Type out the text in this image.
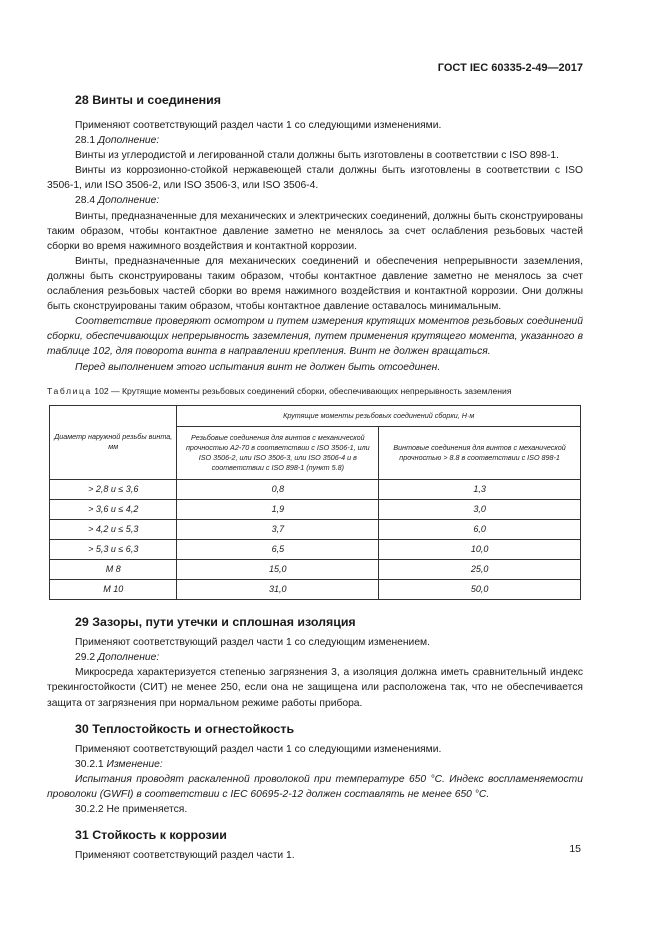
ГОСТ IEC 60335-2-49—2017
28 Винты и соединения

Применяют соответствующий раздел части 1 со следующими изменениями.

28.1 Дополнение:

Винты из углеродистой и легированной стали должны быть изготовлены в соответствии с ISO 898-1.

Винты из коррозионно-стойкой нержавеющей стали должны быть изготовлены в соответствии с ISO 3506-1, или ISO 3506-2, или ISO 3506-3, или ISO 3506-4.

28.4 Дополнение:

Винты, предназначенные для механических и электрических соединений, должны быть сконструированы таким образом, чтобы контактное давление заметно не менялось за счет ослабления резьбовых частей сборки во время нажимного воздействия и контактной коррозии.

Винты, предназначенные для механических соединений и обеспечения непрерывности заземления, должны быть сконструированы таким образом, чтобы контактное давление заметно не менялось за счет ослабления резьбовых частей сборки во время нажимного воздействия и контактной коррозии. Они должны быть сконструированы таким образом, чтобы контактное давление оставалось минимальным.

Соответствие проверяют осмотром и путем измерения крутящих моментов резьбовых соединений сборки, обеспечивающих непрерывность заземления, путем применения крутящего момента, указанного в таблице 102, для поворота винта в направлении крепления. Винт не должен вращаться.

Перед выполнением этого испытания винт не должен быть отсоединен.

Таблица 102 — Крутящие моменты резьбовых соединений сборки, обеспечивающих непрерывность заземления
Диаметр наружной резьбы винта, мм	Крутящие моменты резьбовых соединений сборки, Н·м	
	Резьбовые соединения для винтов с механической прочностью А2-70 в соответствии с ISO 3506-1, или ISO 3506-2, или ISO 3506-3, или ISO 3506-4 и в соответствии с ISO 898-1 (пункт 5.8)	Винтовые соединения для винтов с механической прочностью > 8.8 в соответствии с ISO 898-1
> 2,8 и ≤ 3,6	0,8	1,3
> 3,6 и ≤ 4,2	1,9	3,0
> 4,2 и ≤ 5,3	3,7	6,0
> 5,3 и ≤ 6,3	6,5	10,0
М 8	15,0	25,0
М 10	31,0	50,0
29 Зазоры, пути утечки и сплошная изоляция

Применяют соответствующий раздел части 1 со следующим изменением.

29.2 Дополнение:

Микросреда характеризуется степенью загрязнения 3, а изоляция должна иметь сравнительный индекс трекингостойкости (СИТ) не менее 250, если она не защищена или расположена так, что не обеспечивается защита от загрязнения при нормальном режиме работы прибора.

30 Теплостойкость и огнестойкость

Применяют соответствующий раздел части 1 со следующими изменениями.

30.2.1 Изменение:

Испытания проводят раскаленной проволокой при температуре 650 °C. Индекс воспламеняемости проволоки (GWFI) в соответствии с IEC 60695-2-12 должен составлять не менее 650 °C.

30.2.2 Не применяется.

31 Стойкость к коррозии

Применяют соответствующий раздел части 1.

15
